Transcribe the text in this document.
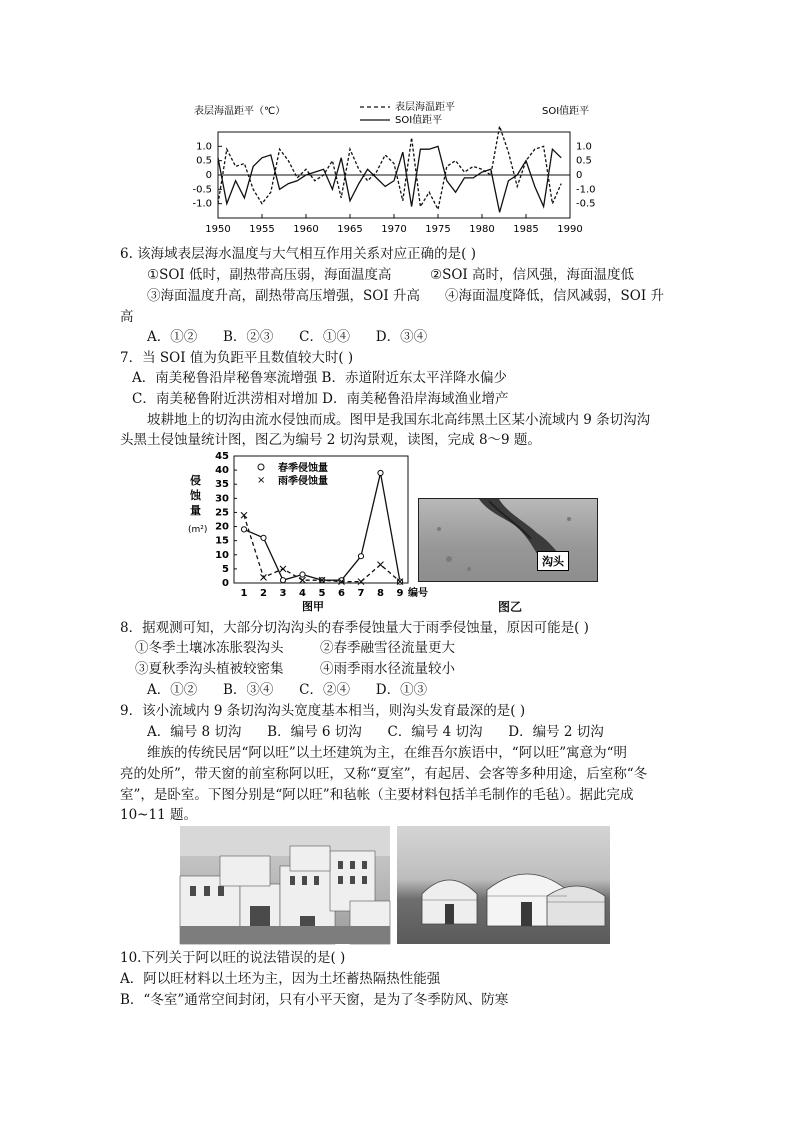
表层海温距平（℃）	SOI值距平
表层海温距平
SOI值距平
1.0
0.5
0
-0.5
-1.0
1.0
0.5
0
-1.0
-0.5
1950 1955 1960 1965 1970 1975 1980 1985 1990
6. 该海域表层海水温度与大气相互作用关系对应正确的是( )
①SOI 低时，副热带高压弱，海面温度高	②SOI 高时，信风强，海面温度低
③海面温度升高，副热带高压增强，SOI 升高 ④海面温度降低，信风减弱，SOI 升
高
A．①②      B．②③      C．①④      D．③④
7．当 SOI 值为负距平且数值较大时( )
A．南美秘鲁沿岸秘鲁寒流增强 B．赤道附近东太平洋降水偏少
C．南美秘鲁附近洪涝相对增加 D．南美秘鲁沿岸海域渔业增产
坡耕地上的切沟由流水侵蚀而成。图甲是我国东北高纬黑土区某小流域内 9 条切沟沟
头黑土侵蚀量统计图，图乙为编号 2 切沟景观，读图，完成 8～9 题。
侵
蚀
量
(m²)
春季侵蚀量
× 雨季侵蚀量
0
5
10
15
20
25
30
35
40
45
1 2 3 4 5 6 7 8 9 编号
图甲
沟头
图乙
8．据观测可知，大部分切沟沟头的春季侵蚀量大于雨季侵蚀量，原因可能是( )
①冬季土壤冰冻胀裂沟头	②春季融雪径流量更大
③夏秋季沟头植被较密集	④雨季雨水径流量较小
A．①②      B．③④      C．②④      D．①③
9．该小流域内 9 条切沟沟头宽度基本相当，则沟头发育最深的是( )
A．编号 8 切沟      B．编号 6 切沟      C．编号 4 切沟      D．编号 2 切沟
维族的传统民居“阿以旺”以土坯建筑为主，在维吾尔族语中，“阿以旺”寓意为“明
亮的处所”，带天窗的前室称阿以旺，又称“夏室”，有起居、会客等多种用途，后室称“冬
室”，是卧室。下图分别是“阿以旺”和毡帐（主要材料包括羊毛制作的毛毡）。据此完成
10~11 题。
10.下列关于阿以旺的说法错误的是( )
A．阿以旺材料以土坯为主，因为土坯蓄热隔热性能强
B．“冬室”通常空间封闭，只有小平天窗，是为了冬季防风、防寒
